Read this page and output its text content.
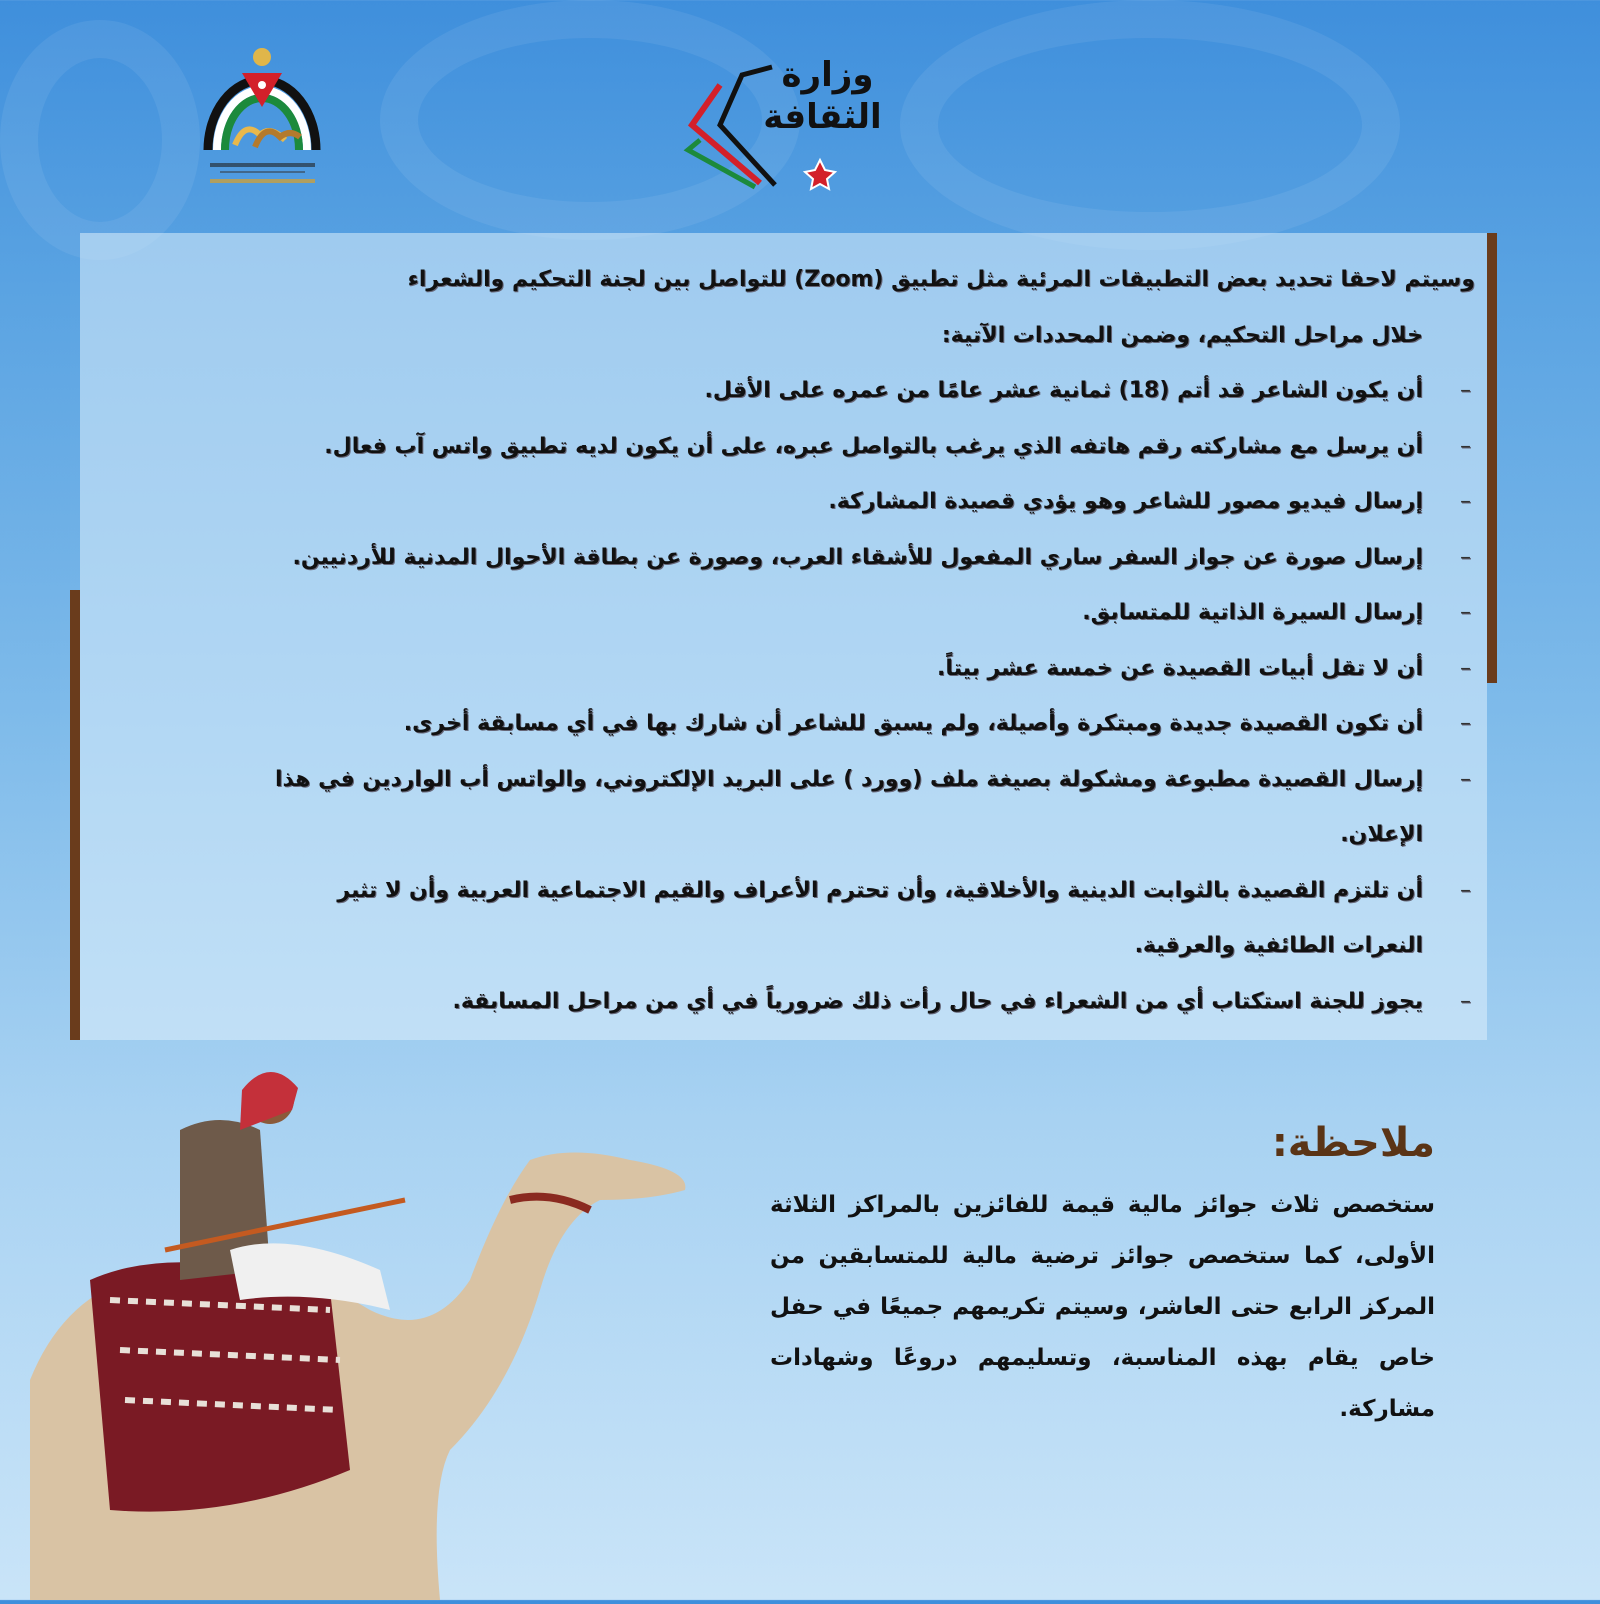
وزارة
الثقافة
وسيتم لاحقا تحديد بعض التطبيقات المرئية مثل تطبيق (Zoom) للتواصل بين لجنة التحكيم والشعراء
خلال مراحل التحكيم، وضمن المحددات الآتية:
–
أن يكون الشاعر قد أتم (18) ثمانية عشر عامًا من عمره على الأقل.
–
أن يرسل مع مشاركته رقم هاتفه الذي يرغب بالتواصل عبره، على أن يكون لديه تطبيق واتس آب فعال.
–
إرسال فيديو مصور للشاعر وهو يؤدي قصيدة المشاركة.
–
إرسال صورة عن جواز السفر ساري المفعول للأشقاء العرب، وصورة عن بطاقة الأحوال المدنية للأردنيين.
–
إرسال السيرة الذاتية للمتسابق.
–
أن لا تقل أبيات القصيدة عن خمسة عشر بيتاً.
–
أن تكون القصيدة جديدة ومبتكرة وأصيلة، ولم يسبق للشاعر أن شارك بها في أي مسابقة أخرى.
–
إرسال القصيدة مطبوعة ومشكولة بصيغة ملف (وورد ) على البريد الإلكتروني، والواتس أب الواردين في هذا
الإعلان.
–
أن تلتزم القصيدة بالثوابت الدينية والأخلاقية، وأن تحترم الأعراف والقيم الاجتماعية العربية وأن لا تثير
النعرات الطائفية والعرقية.
–
يجوز للجنة استكتاب أي من الشعراء في حال رأت ذلك ضرورياً في أي من مراحل المسابقة.
ملاحظة:

ستخصص ثلاث جوائز مالية قيمة للفائزين بالمراكز الثلاثة الأولى، كما ستخصص جوائز ترضية مالية للمتسابقين من المركز الرابع حتى العاشر، وسيتم تكريمهم جميعًا في حفل خاص يقام بهذه المناسبة، وتسليمهم دروعًا وشهادات مشاركة.
